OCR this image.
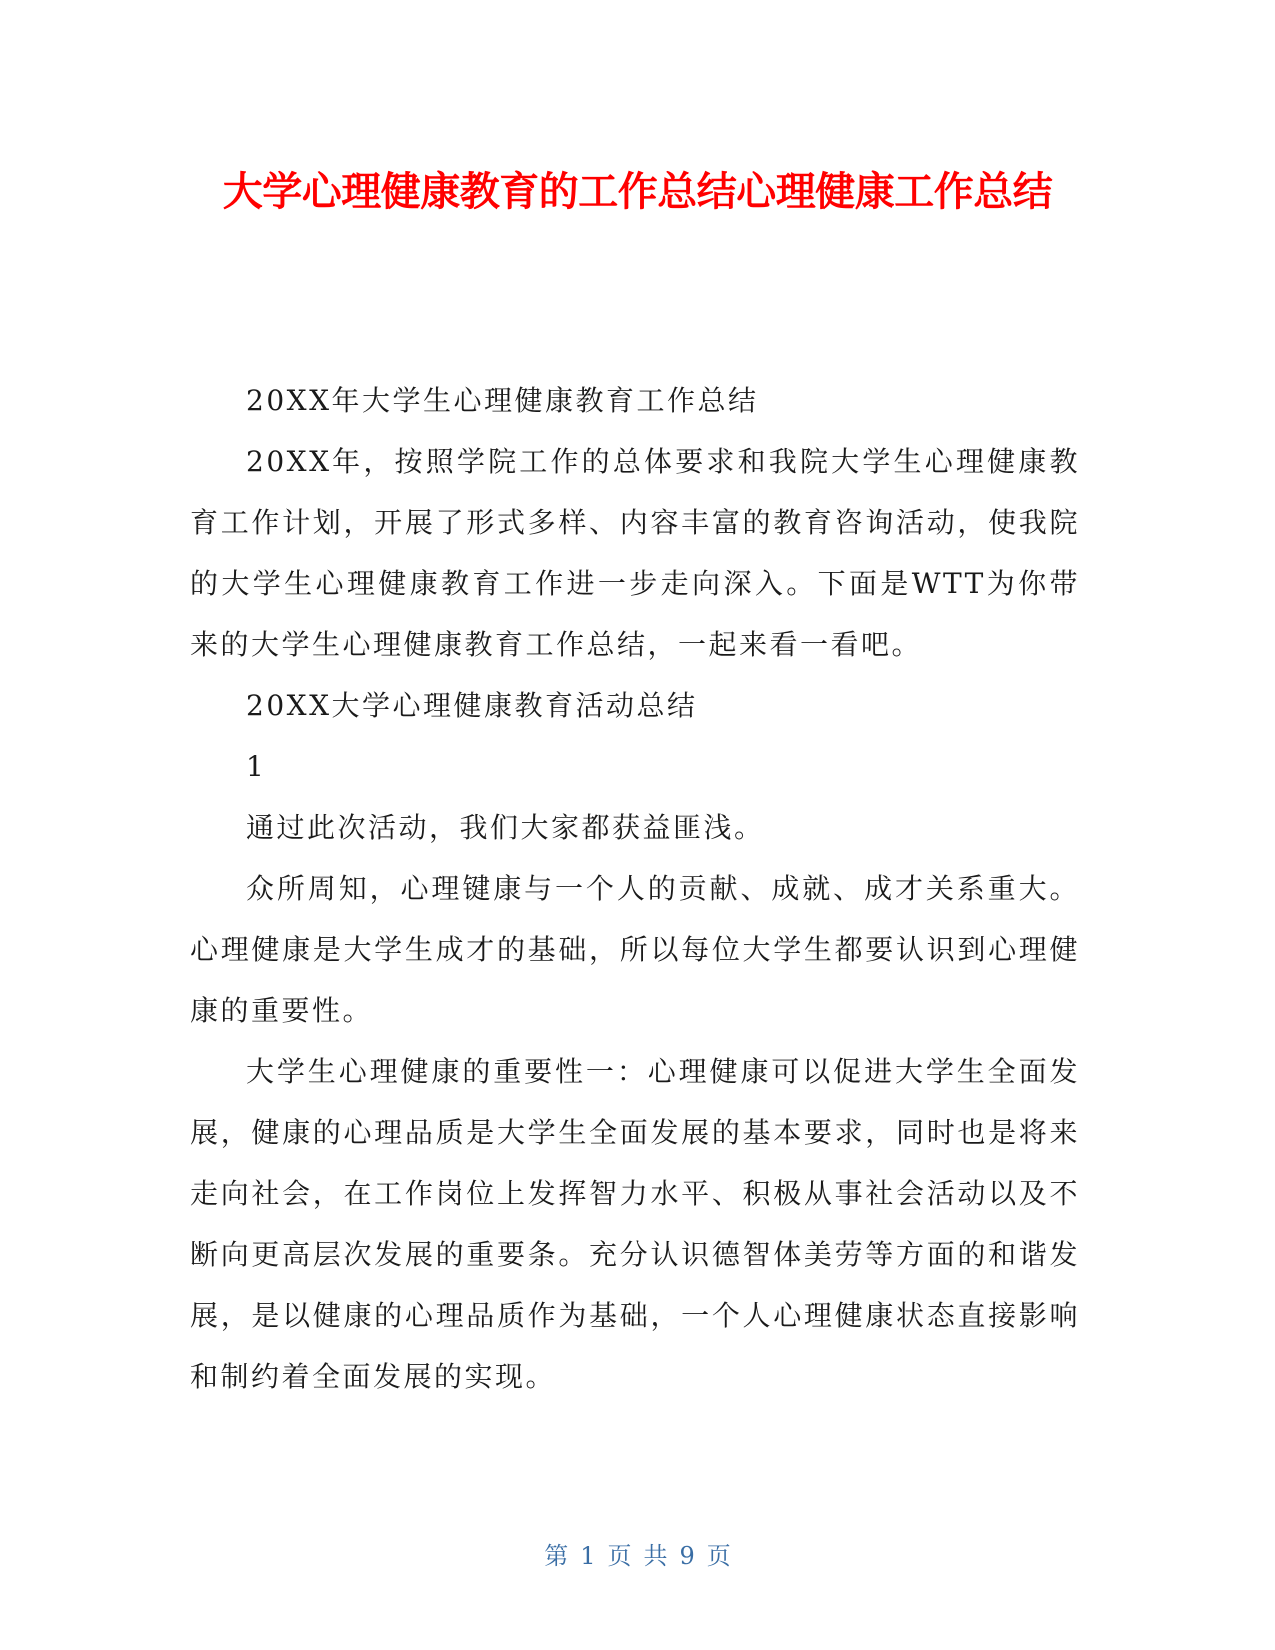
大学心理健康教育的工作总结心理健康工作总结

20XX年大学生心理健康教育工作总结

20XX年，按照学院工作的总体要求和我院大学生心理健康教育工作计划，开展了形式多样、内容丰富的教育咨询活动，使我院的大学生心理健康教育工作进一步走向深入。下面是WTT为你带来的大学生心理健康教育工作总结，一起来看一看吧。

20XX大学心理健康教育活动总结

1

通过此次活动，我们大家都获益匪浅。

众所周知，心理键康与一个人的贡献、成就、成才关系重大。心理健康是大学生成才的基础，所以每位大学生都要认识到心理健康的重要性。

大学生心理健康的重要性一：心理健康可以促进大学生全面发展，健康的心理品质是大学生全面发展的基本要求，同时也是将来走向社会，在工作岗位上发挥智力水平、积极从事社会活动以及不断向更高层次发展的重要条。充分认识德智体美劳等方面的和谐发展，是以健康的心理品质作为基础，一个人心理健康状态直接影响和制约着全面发展的实现。

第 1 页 共 9 页
